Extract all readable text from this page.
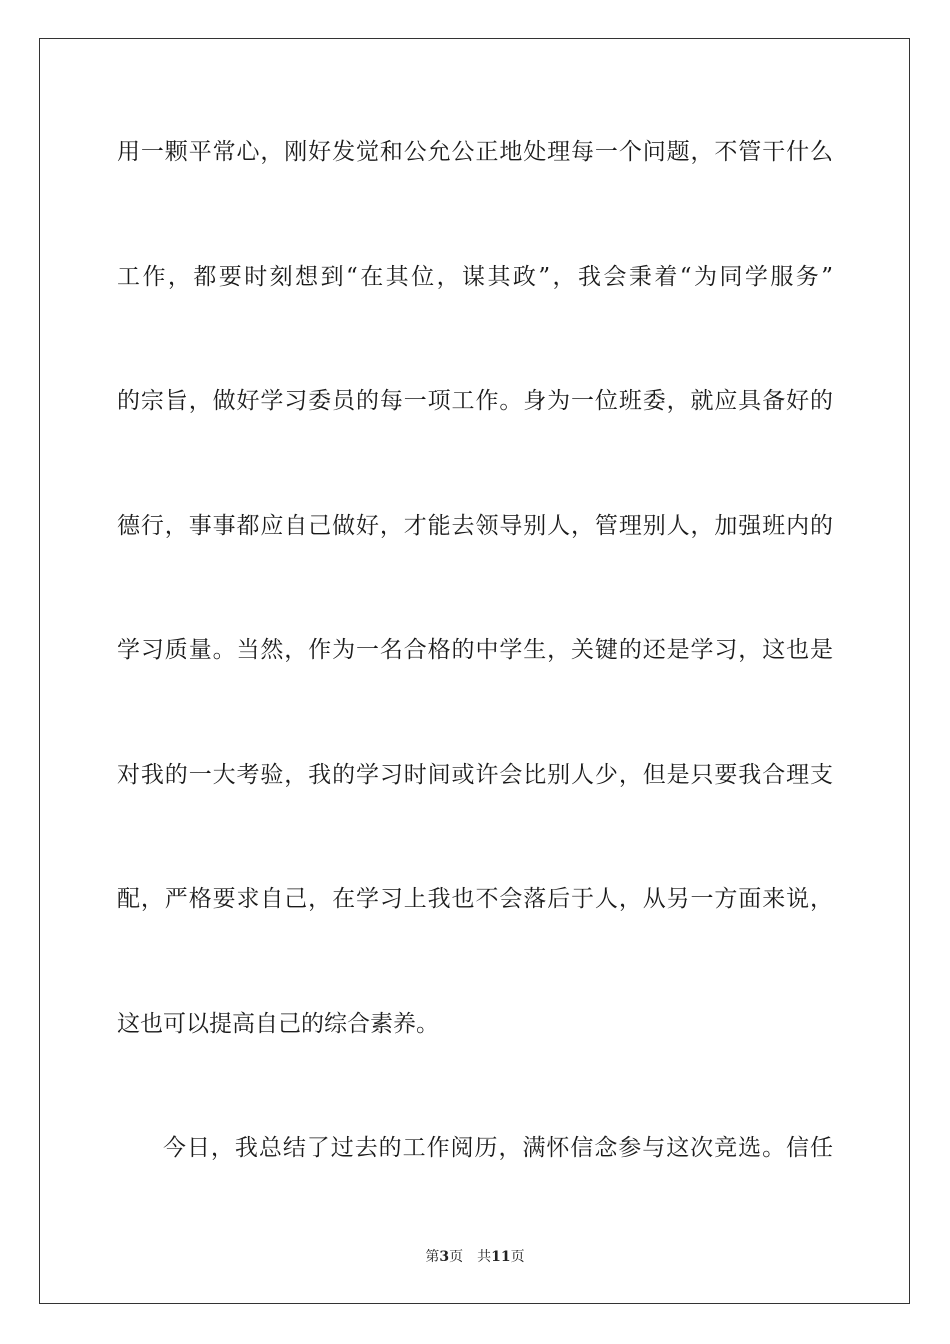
用一颗平常心，刚好发觉和公允公正地处理每一个问题，不管干什么
工作，都要时刻想到“在其位，谋其政”，我会秉着“为同学服务”
的宗旨，做好学习委员的每一项工作。身为一位班委，就应具备好的
德行，事事都应自己做好，才能去领导别人，管理别人，加强班内的
学习质量。当然，作为一名合格的中学生，关键的还是学习，这也是
对我的一大考验，我的学习时间或许会比别人少，但是只要我合理支
配，严格要求自己，在学习上我也不会落后于人，从另一方面来说，
这也可以提高自己的综合素养。
今日，我总结了过去的工作阅历，满怀信念参与这次竞选。信任
第3页 共11页
